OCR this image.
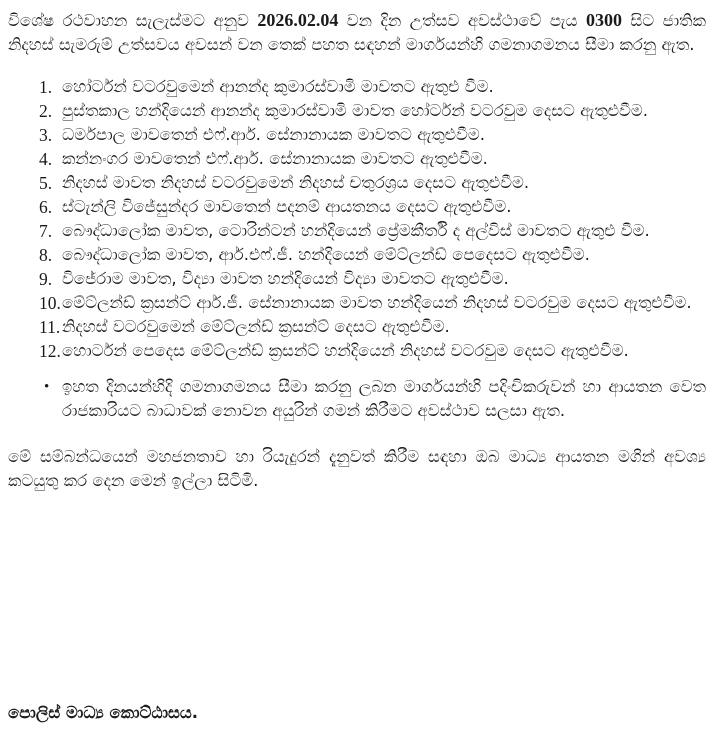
විශේෂ රථවාහන සැලැස්මට අනුව 2026.02.04 වන දින උත්සව අවස්ථාවේ පැය 0300 සිට ජාතික නිදහස් සැමරුම් උත්සවය අවසන් වන තෙක් පහත සඳහන් මාර්ගයන්හි ගමනාගමනය සීමා කරනු ඇත.

1. හෝර්ටන් වටරවුමෙන් ආනන්ද කුමාරස්වාමි මාවතට ඇතුළු වීම.
2. පුස්තකාල හන්දියෙන් ආනන්ද කුමාරස්වාමි මාවත හෝර්ටන් වටරවුම දෙසට ඇතුළුවීම.
3. ධර්මපාල මාවතෙන් එෆ්.ආර්. සේනානායක මාවතට ඇතුළුවීම.
4. කන්නංගර මාවතෙන් එෆ්.ආර්. සේනානායක මාවතට ඇතුළුවීම.
5. නිදහස් මාවත නිදහස් වටරවුමෙන් නිදහස් චතුරශ්‍රය දෙසට ඇතුළුවීම.
6. ස්ටැන්ලි විජේසුන්දර මාවතෙන් පදනම් ආයතනය දෙසට ඇතුළුවීම.
7. බෞද්ධාලෝක මාවත, ටොරින්ටන් හන්දියෙන් ප්‍රේමකීර්ති ද අල්විස් මාවතට ඇතුළු වීම.
8. බෞද්ධාලෝක මාවත, ආර්.එෆ්.ජී. හන්දියෙන් මේට්ලන්ඩ් පෙදෙසට ඇතුළුවීම.
9. විජේරාම මාවත, විද්‍යා මාවත හන්දියෙන් විද්‍යා මාවතට ඇතුළුවීම.
10. මේට්ලන්ඩ් ක්‍රසන්ට් ආර්.ජී. සේනානායක මාවත හන්දියෙන් නිදහස් වටරවුම දෙසට ඇතුළුවීම.
11. නිදහස් වටරවුමෙන් මේට්ලන්ඩ් ක්‍රසන්ට් දෙසට ඇතුළුවීම.
12. හොර්ටන් පෙදෙස මේට්ලන්ඩ් ක්‍රසන්ට් හන්දියෙන් නිදහස් වටරවුම දෙසට ඇතුළුවීම.
• ඉහත දිනයන්හිදි ගමනාගමනය සීමා කරනු ලබන මාර්ගයන්හි පදිංචිකරුවන් හා ආයතන වෙත රාජකාරියට බාධාවක් නොවන අයුරින් ගමන් කිරීමට අවස්ථාව සලසා ඇත.

මේ සම්බන්ධයෙන් මහජනතාව හා රියැදුරන් දැනුවත් කිරීම සඳහා ඔබ මාධ්‍ය ආයතන මගින් අවශ්‍ය කටයුතු කර දෙන මෙන් ඉල්ලා සිටිමි.

පොලිස් මාධ්‍ය කොට්ඨාසය.
